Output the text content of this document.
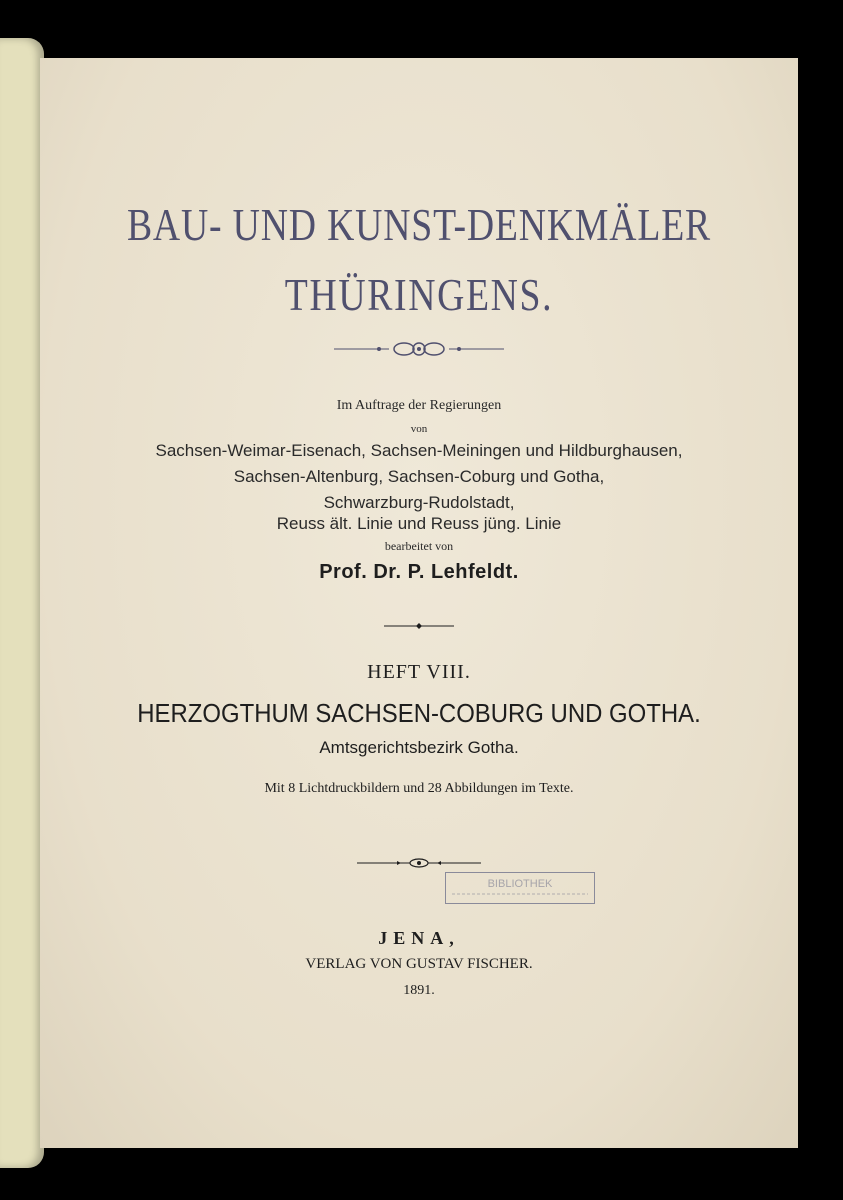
BAU- UND KUNST-DENKMÄLER
THÜRINGENS.
Im Auftrage der Regierungen
von
Sachsen-Weimar-Eisenach, Sachsen-Meiningen und Hildburghausen,
Sachsen-Altenburg, Sachsen-Coburg und Gotha,
Schwarzburg-Rudolstadt,
Reuss ält. Linie und Reuss jüng. Linie
bearbeitet von
Prof. Dr. P. Lehfeldt.
HEFT VIII.
HERZOGTHUM SACHSEN-COBURG UND GOTHA.
Amtsgerichtsbezirk Gotha.
Mit 8 Lichtdruckbildern und 28 Abbildungen im Texte.
BIBLIOTHEK
JENA,
VERLAG VON GUSTAV FISCHER.
1891.
